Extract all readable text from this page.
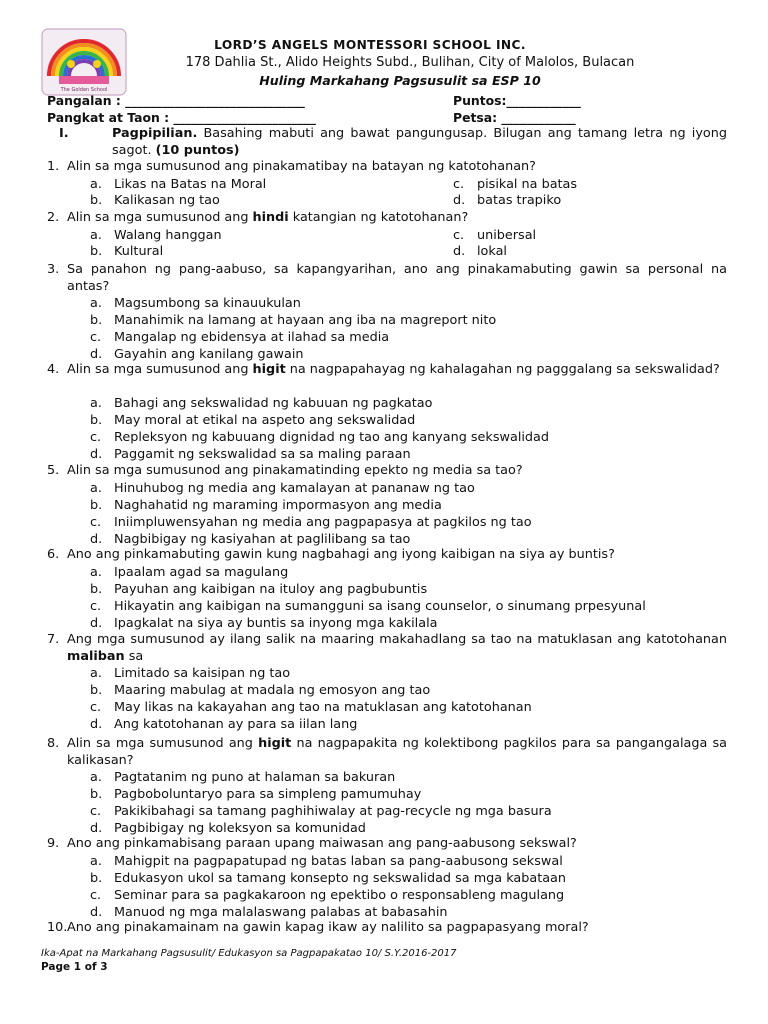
The Golden School
LORD’S ANGELS MONTESSORI SCHOOL INC.
178 Dahlia St., Alido Heights Subd., Bulihan, City of Malolos, Bulacan
Huling Markahang Pagsusulit sa ESP 10
Pangalan : _____________________________	Puntos:____________
Pangkat at Taon : _______________________	Petsa: ____________
I.	Pagpipilian. Basahing mabuti ang bawat pangungusap. Bilugan ang tamang letra ng iyong sagot. (10 puntos)
1. Alin sa mga sumusunod ang pinakamatibay na batayan ng katotohanan?
a. Likas na Batas na Moral	c. pisikal na batas
b. Kalikasan ng tao	d. batas trapiko
2. Alin sa mga sumusunod ang hindi katangian ng katotohanan?
a. Walang hanggan	c. unibersal
b. Kultural	d. lokal
3. Sa panahon ng pang-aabuso, sa kapangyarihan, ano ang pinakamabuting gawin sa personal na antas?
a. Magsumbong sa kinauukulan
b. Manahimik na lamang at hayaan ang iba na magreport nito
c. Mangalap ng ebidensya at ilahad sa media
d. Gayahin ang kanilang gawain
4. Alin sa mga sumusunod ang higit na nagpapahayag ng kahalagahan ng pagggalang sa sekswalidad?
a. Bahagi ang sekswalidad ng kabuuan ng pagkatao
b. May moral at etikal na aspeto ang sekswalidad
c. Repleksyon ng kabuuang dignidad ng tao ang kanyang sekswalidad
d. Paggamit ng sekswalidad sa sa maling paraan
5. Alin sa mga sumusunod ang pinakamatinding epekto ng media sa tao?
a. Hinuhubog ng media ang kamalayan at pananaw ng tao
b. Naghahatid ng maraming impormasyon ang media
c. Iniimpluwensyahan ng media ang pagpapasya at pagkilos ng tao
d. Nagbibigay ng kasiyahan at paglilibang sa tao
6. Ano ang pinkamabuting gawin kung nagbahagi ang iyong kaibigan na siya ay buntis?
a. Ipaalam agad sa magulang
b. Payuhan ang kaibigan na ituloy ang pagbubuntis
c. Hikayatin ang kaibigan na sumangguni sa isang counselor, o sinumang prpesyunal
d. Ipagkalat na siya ay buntis sa inyong mga kakilala
7. Ang mga sumusunod ay ilang salik na maaring makahadlang sa tao na matuklasan ang katotohanan maliban sa
a. Limitado sa kaisipan ng tao
b. Maaring mabulag at madala ng emosyon ang tao
c. May likas na kakayahan ang tao na matuklasan ang katotohanan
d. Ang katotohanan ay para sa iilan lang
8. Alin sa mga sumusunod ang higit na nagpapakita ng kolektibong pagkilos para sa pangangalaga sa kalikasan?
a. Pagtatanim ng puno at halaman sa bakuran
b. Pagboboluntaryo para sa simpleng pamumuhay
c. Pakikibahagi sa tamang paghihiwalay at pag-recycle ng mga basura
d. Pagbibigay ng koleksyon sa komunidad
9. Ano ang pinkamabisang paraan upang maiwasan ang pang-aabusong sekswal?
a. Mahigpit na pagpapatupad ng batas laban sa pang-aabusong sekswal
b. Edukasyon ukol sa tamang konsepto ng sekswalidad sa mga kabataan
c. Seminar para sa pagkakaroon ng epektibo o responsableng magulang
d. Manuod ng mga malalaswang palabas at babasahin
10. Ano ang pinakamainam na gawin kapag ikaw ay nalilito sa pagpapasyang moral?
Ika-Apat na Markahang Pagsusulit/ Edukasyon sa Pagpapakatao 10/ S.Y.2016-2017
Page 1 of 3
